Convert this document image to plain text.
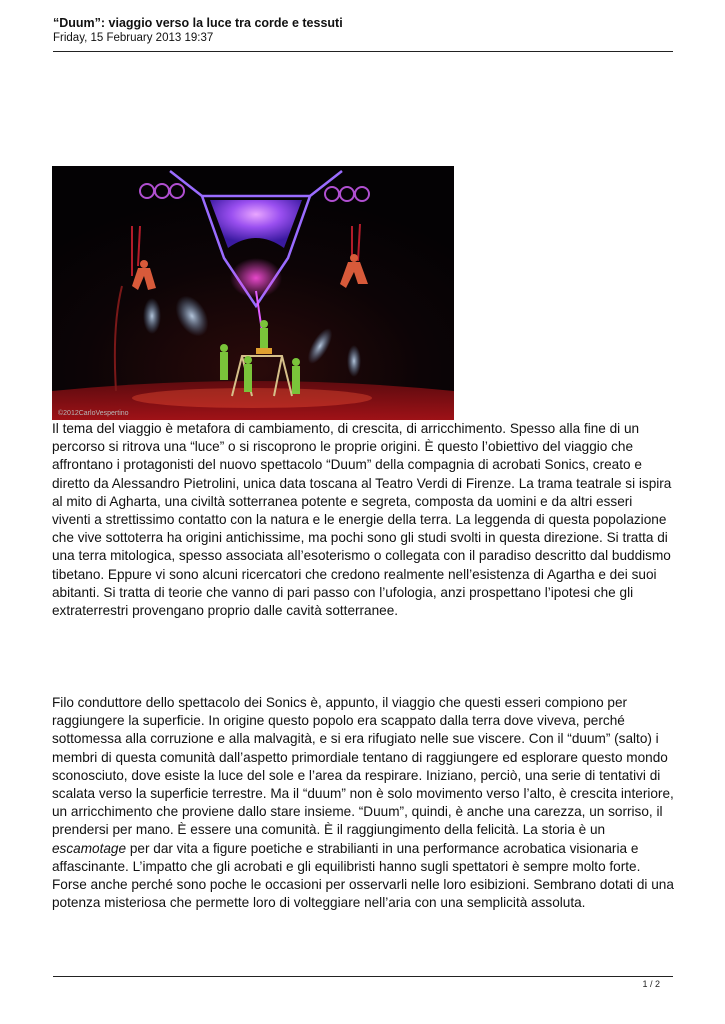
“Duum”: viaggio verso la luce tra corde e tessuti
Friday, 15 February 2013 19:37
©2012CarloVespertino

Il tema del viaggio è metafora di cambiamento, di crescita, di arricchimento. Spesso alla fine di un percorso si ritrova una “luce” o si riscoprono le proprie origini. È questo l’obiettivo del viaggio che affrontano i protagonisti del nuovo spettacolo “Duum” della compagnia di acrobati Sonics, creato e diretto da Alessandro Pietrolini, unica data toscana al Teatro Verdi di Firenze. La trama teatrale si ispira al mito di Agharta, una civiltà sotterranea potente e segreta, composta da uomini e da altri esseri viventi a strettissimo contatto con la natura e le energie della terra. La leggenda di questa popolazione che vive sottoterra ha origini antichissime, ma pochi sono gli studi svolti in questa direzione. Si tratta di una terra mitologica, spesso associata all’esoterismo o collegata con il paradiso descritto dal buddismo tibetano. Eppure vi sono alcuni ricercatori che credono realmente nell’esistenza di Agartha e dei suoi abitanti. Si tratta di teorie che vanno di pari passo con l’ufologia, anzi prospettano l’ipotesi che gli extraterrestri provengano proprio dalle cavità sotterranee.

Filo conduttore dello spettacolo dei Sonics è, appunto, il viaggio che questi esseri compiono per raggiungere la superficie. In origine questo popolo era scappato dalla terra dove viveva, perché sottomessa alla corruzione e alla malvagità, e si era rifugiato nelle sue viscere. Con il “duum” (salto) i membri di questa comunità dall’aspetto primordiale tentano di raggiungere ed esplorare questo mondo sconosciuto, dove esiste la luce del sole e l’area da respirare. Iniziano, perciò, una serie di tentativi di scalata verso la superficie terrestre. Ma il “duum” non è solo movimento verso l’alto, è crescita interiore, un arricchimento che proviene dallo stare insieme. “Duum”, quindi, è anche una carezza, un sorriso, il prendersi per mano. È essere una comunità. È il raggiungimento della felicità. La storia è un escamotage per dar vita a figure poetiche e strabilianti in una performance acrobatica visionaria e affascinante. L’impatto che gli acrobati e gli equilibristi hanno sugli spettatori è sempre molto forte. Forse anche perché sono poche le occasioni per osservarli nelle loro esibizioni. Sembrano dotati di una potenza misteriosa che permette loro di volteggiare nell’aria con una semplicità assoluta.

1 / 2
